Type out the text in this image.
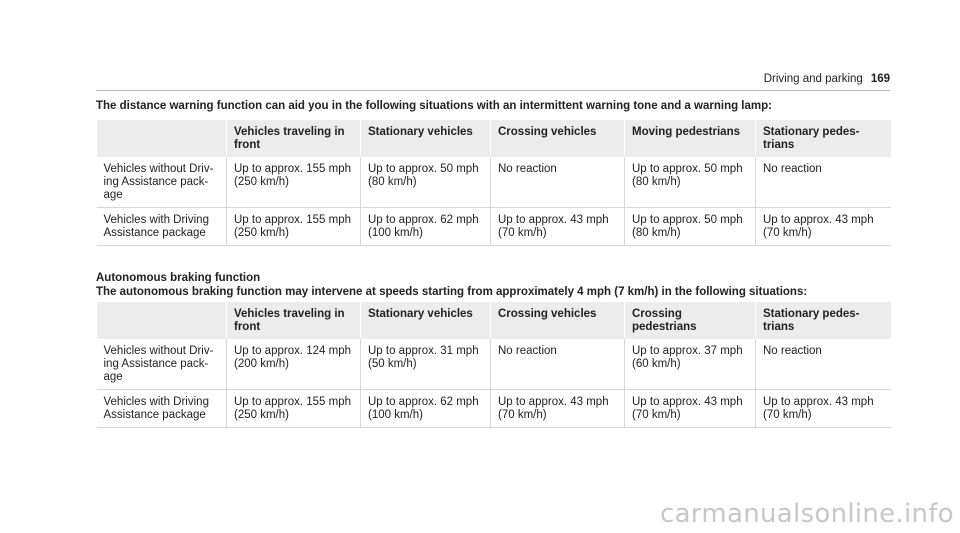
Driving and parking 169
The distance warning function can aid you in the following situations with an intermittent warning tone and a warning lamp:
	Vehicles traveling in front	Stationary vehicles	Crossing vehicles	Moving pedestrians	Stationary pedes-trians
Vehicles without Driv-ing Assistance pack-age	Up to approx. 155 mph (250 km/h)	Up to approx. 50 mph (80 km/h)	No reaction	Up to approx. 50 mph (80 km/h)	No reaction
Vehicles with Driving Assistance package	Up to approx. 155 mph (250 km/h)	Up to approx. 62 mph (100 km/h)	Up to approx. 43 mph (70 km/h)	Up to approx. 50 mph (80 km/h)	Up to approx. 43 mph (70 km/h)
Autonomous braking function
The autonomous braking function may intervene at speeds starting from approximately 4 mph (7 km/h) in the following situations:
	Vehicles traveling in front	Stationary vehicles	Crossing vehicles	Crossing pedestrians	Stationary pedes-trians
Vehicles without Driv-ing Assistance pack-age	Up to approx. 124 mph (200 km/h)	Up to approx. 31 mph (50 km/h)	No reaction	Up to approx. 37 mph (60 km/h)	No reaction
Vehicles with Driving Assistance package	Up to approx. 155 mph (250 km/h)	Up to approx. 62 mph (100 km/h)	Up to approx. 43 mph (70 km/h)	Up to approx. 43 mph (70 km/h)	Up to approx. 43 mph (70 km/h)
carmanualsonline.info
